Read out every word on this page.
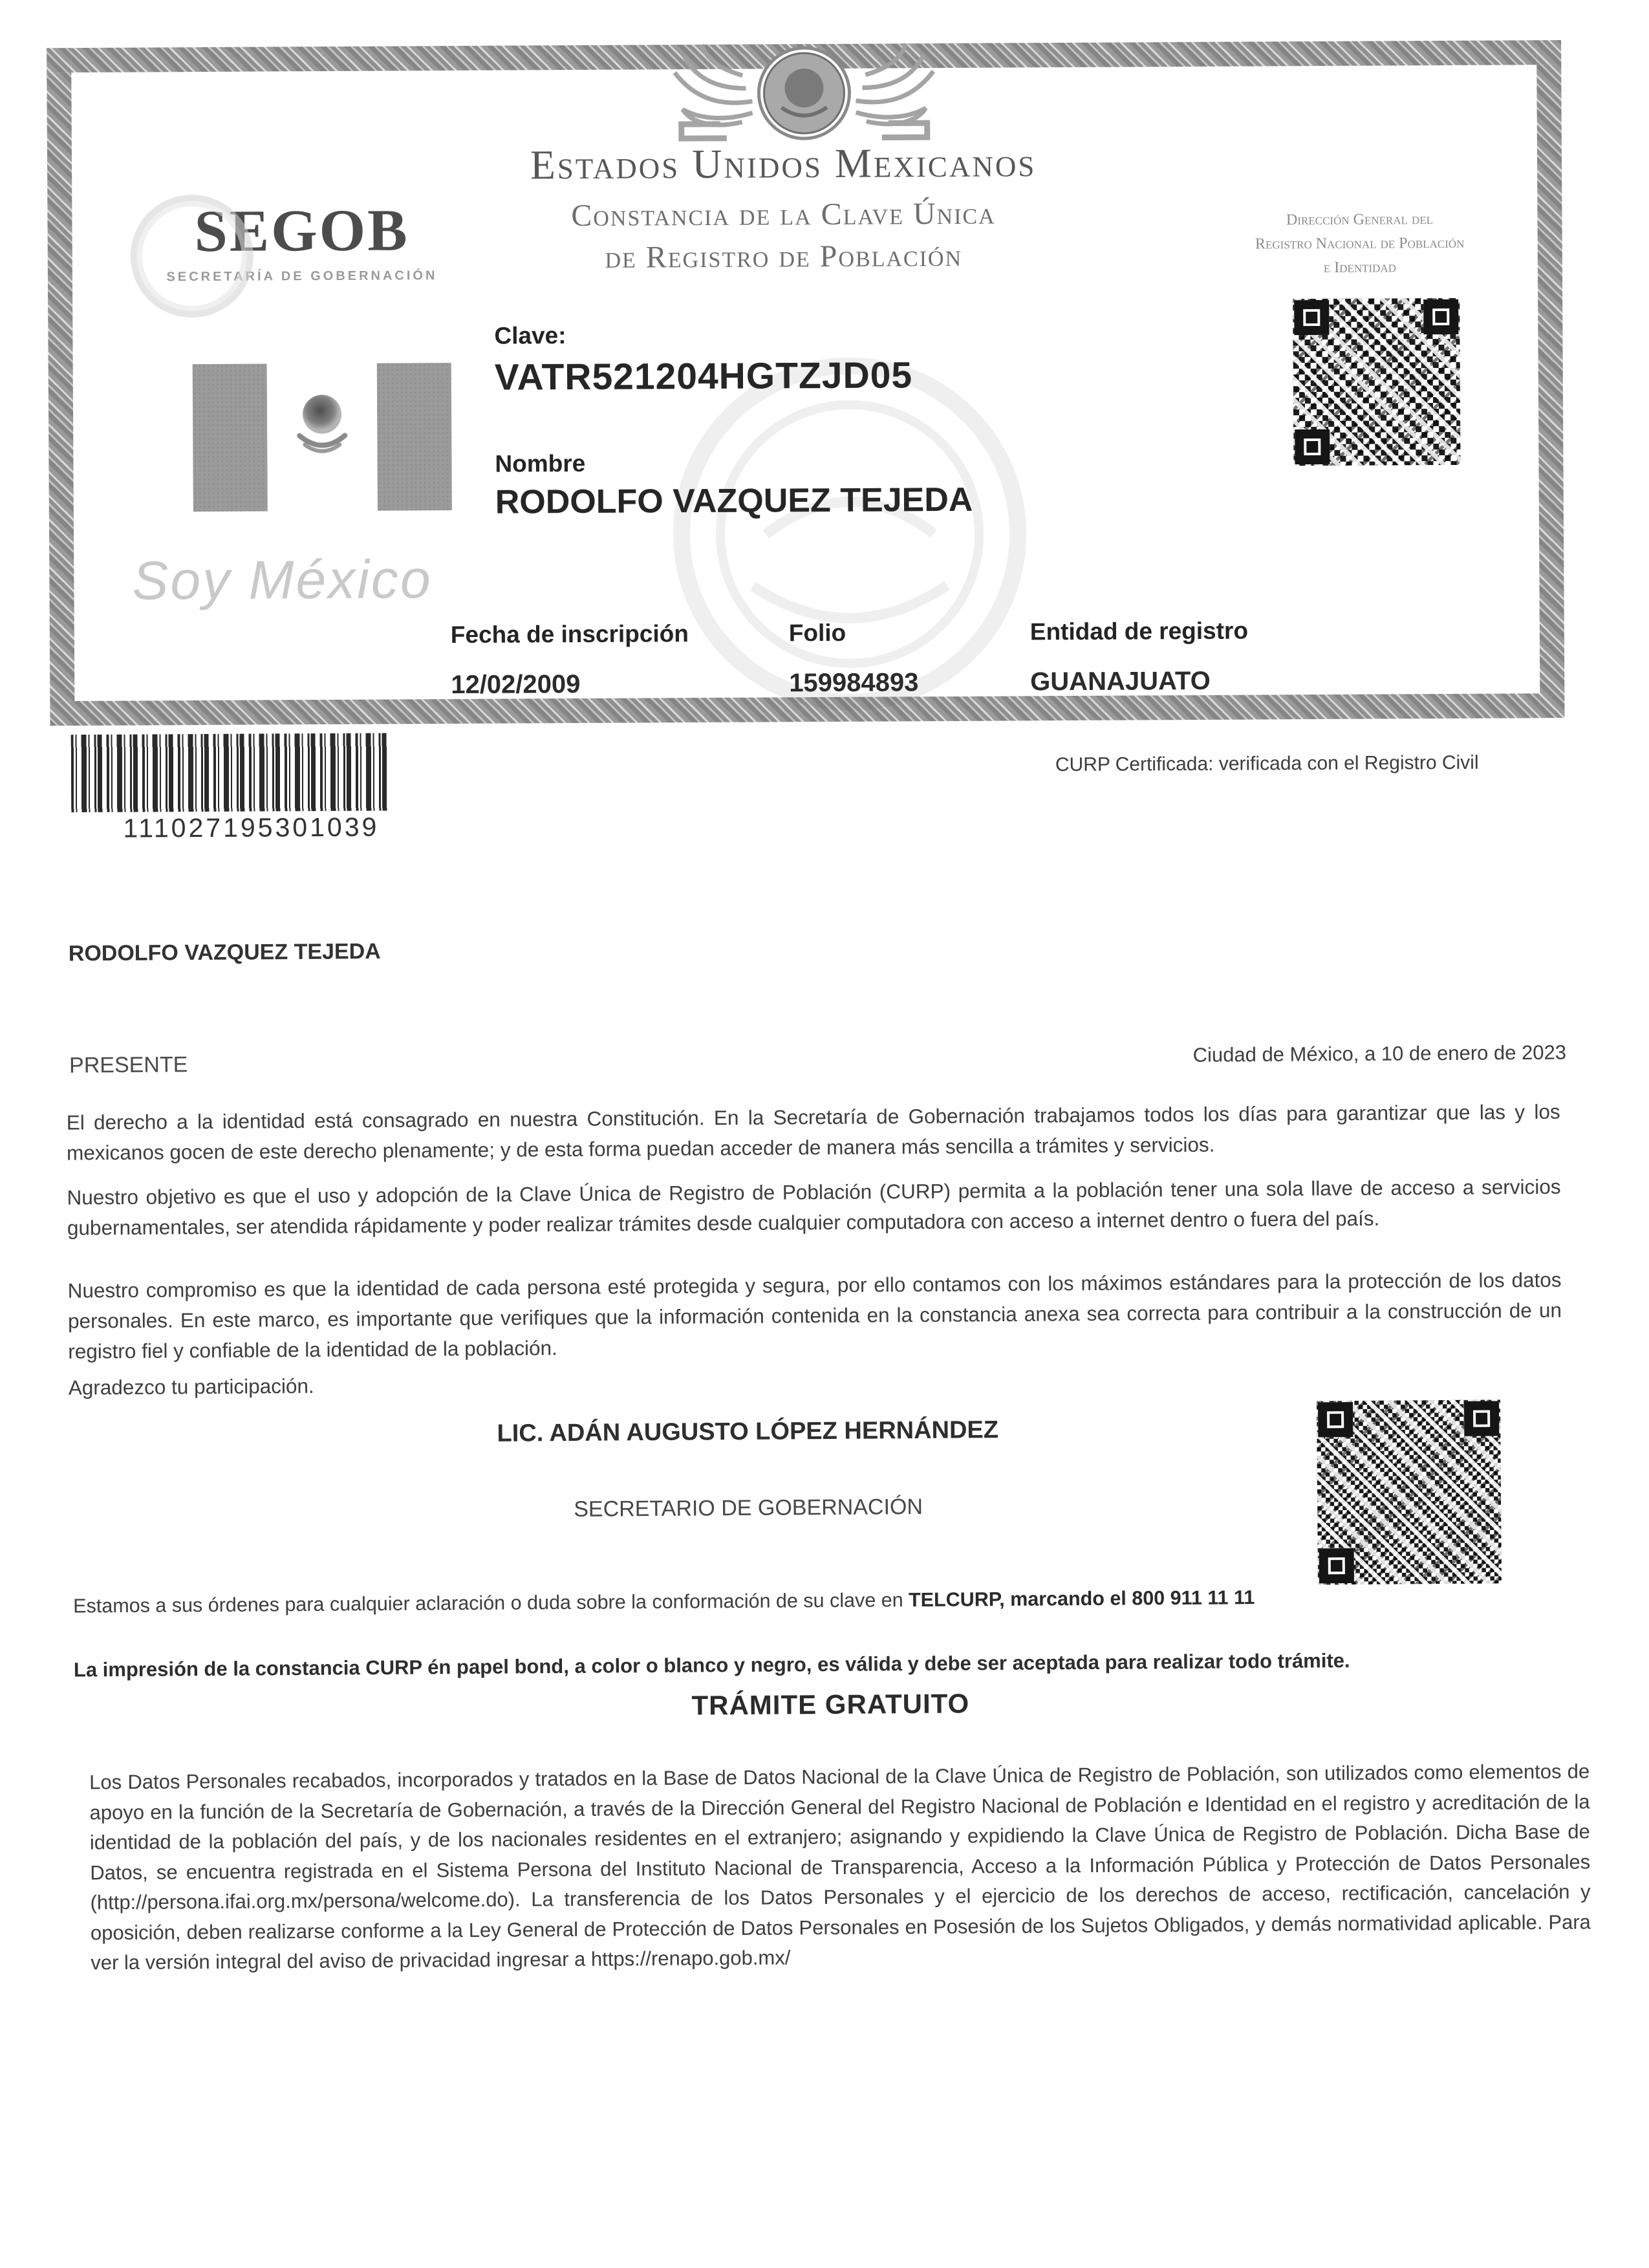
SEGOB
SECRETARÍA DE GOBERNACIÓN
Estados Unidos Mexicanos
Constancia de la Clave Única
de Registro de Población
Dirección General del
Registro Nacional de Población
e Identidad
Clave:
VATR521204HGTZJD05
Nombre
RODOLFO VAZQUEZ TEJEDA
Soy México
Fecha de inscripción
12/02/2009
Folio
159984893
Entidad de registro
GUANAJUATO
111027195301039
CURP Certificada: verificada con el Registro Civil
RODOLFO VAZQUEZ TEJEDA
PRESENTE	Ciudad de México, a 10 de enero de 2023

El derecho a la identidad está consagrado en nuestra Constitución. En la Secretaría de Gobernación trabajamos todos los días para garantizar que las y los mexicanos gocen de este derecho plenamente; y de esta forma puedan acceder de manera más sencilla a trámites y servicios.

Nuestro objetivo es que el uso y adopción de la Clave Única de Registro de Población (CURP) permita a la población tener una sola llave de acceso a servicios gubernamentales, ser atendida rápidamente y poder realizar trámites desde cualquier computadora con acceso a internet dentro o fuera del país.

Nuestro compromiso es que la identidad de cada persona esté protegida y segura, por ello contamos con los máximos estándares para la protección de los datos personales. En este marco, es importante que verifiques que la información contenida en la constancia anexa sea correcta para contribuir a la construcción de un registro fiel y confiable de la identidad de la población.

Agradezco tu participación.

LIC. ADÁN AUGUSTO LÓPEZ HERNÁNDEZ
SECRETARIO DE GOBERNACIÓN
Estamos a sus órdenes para cualquier aclaración o duda sobre la conformación de su clave en TELCURP, marcando el 800 911 11 11
La impresión de la constancia CURP én papel bond, a color o blanco y negro, es válida y debe ser aceptada para realizar todo trámite.
TRÁMITE GRATUITO

Los Datos Personales recabados, incorporados y tratados en la Base de Datos Nacional de la Clave Única de Registro de Población, son utilizados como elementos de apoyo en la función de la Secretaría de Gobernación, a través de la Dirección General del Registro Nacional de Población e Identidad en el registro y acreditación de la identidad de la población del país, y de los nacionales residentes en el extranjero; asignando y expidiendo la Clave Única de Registro de Población. Dicha Base de Datos, se encuentra registrada en el Sistema Persona del Instituto Nacional de Transparencia, Acceso a la Información Pública y Protección de Datos Personales (http://persona.ifai.org.mx/persona/welcome.do). La transferencia de los Datos Personales y el ejercicio de los derechos de acceso, rectificación, cancelación y oposición, deben realizarse conforme a la Ley General de Protección de Datos Personales en Posesión de los Sujetos Obligados, y demás normatividad aplicable. Para ver la versión integral del aviso de privacidad ingresar a https://renapo.gob.mx/
